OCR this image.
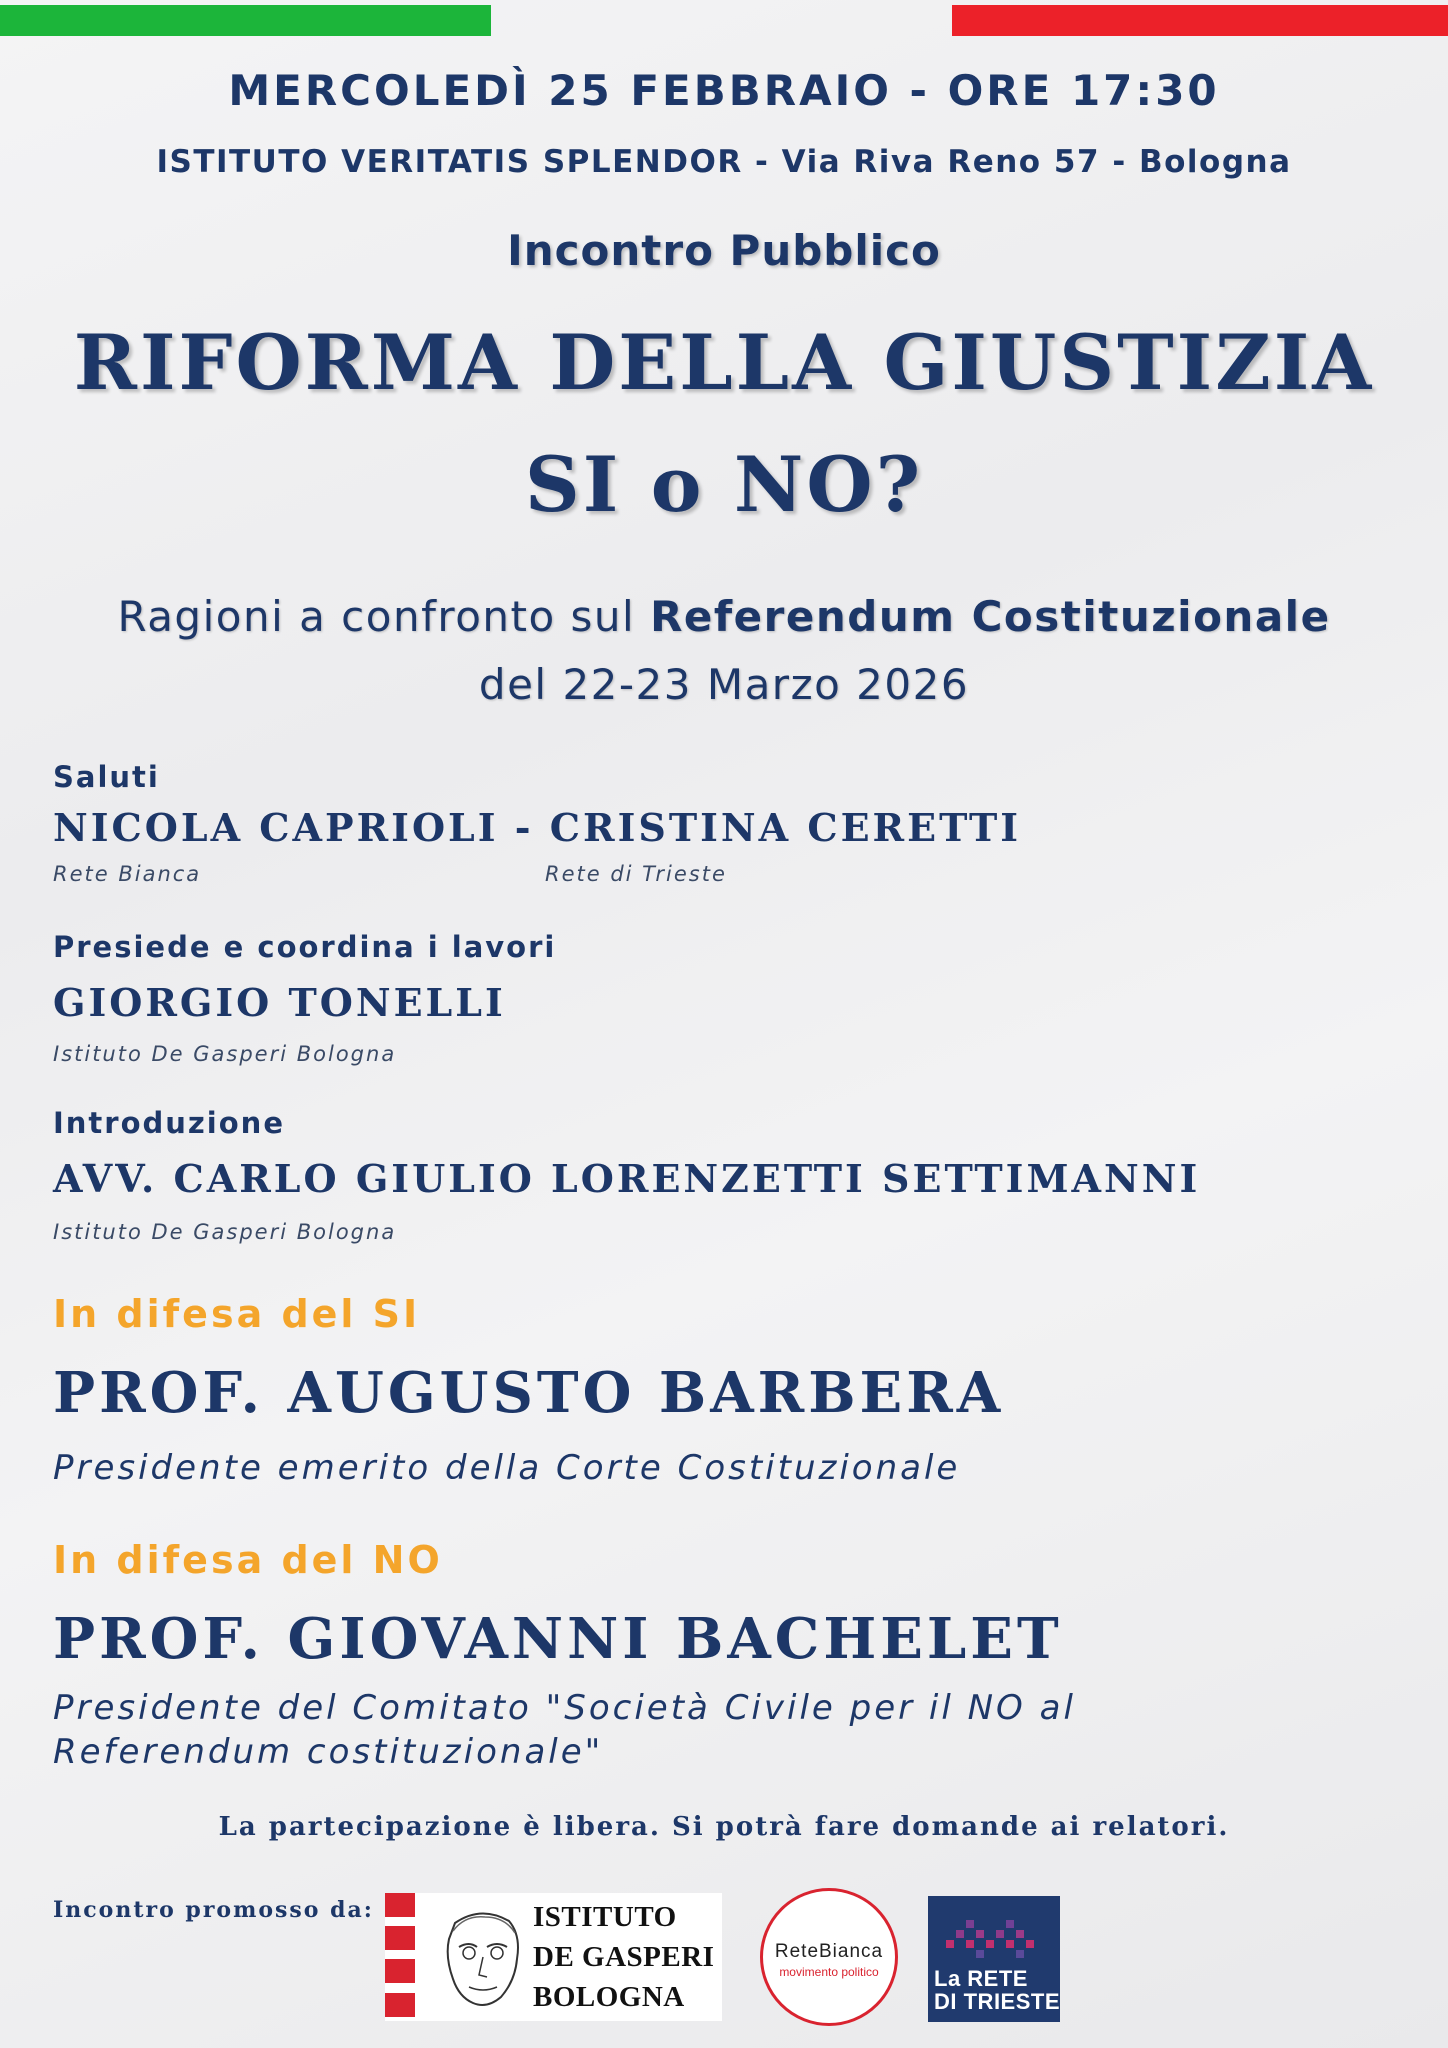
MERCOLEDÌ 25 FEBBRAIO - ORE 17:30
ISTITUTO VERITATIS SPLENDOR - Via Riva Reno 57 - Bologna
Incontro Pubblico
RIFORMA DELLA GIUSTIZIA
SI o NO?
Ragioni a confronto sul Referendum Costituzionale
del 22-23 Marzo 2026
Saluti
NICOLA CAPRIOLI - CRISTINA CERETTI
Rete Bianca	Rete di Trieste
Presiede e coordina i lavori
GIORGIO TONELLI
Istituto De Gasperi Bologna
Introduzione
AVV. CARLO GIULIO LORENZETTI SETTIMANNI
Istituto De Gasperi Bologna
In difesa del SI
PROF. AUGUSTO BARBERA
Presidente emerito della Corte Costituzionale
In difesa del NO
PROF. GIOVANNI BACHELET
Presidente del Comitato "Società Civile per il NO al
Referendum costituzionale"
La partecipazione è libera. Si potrà fare domande ai relatori.
Incontro promosso da:	ISTITUTO
DE GASPERI
BOLOGNA
ReteBianca
movimento politico	La RETE
DI TRIESTE
